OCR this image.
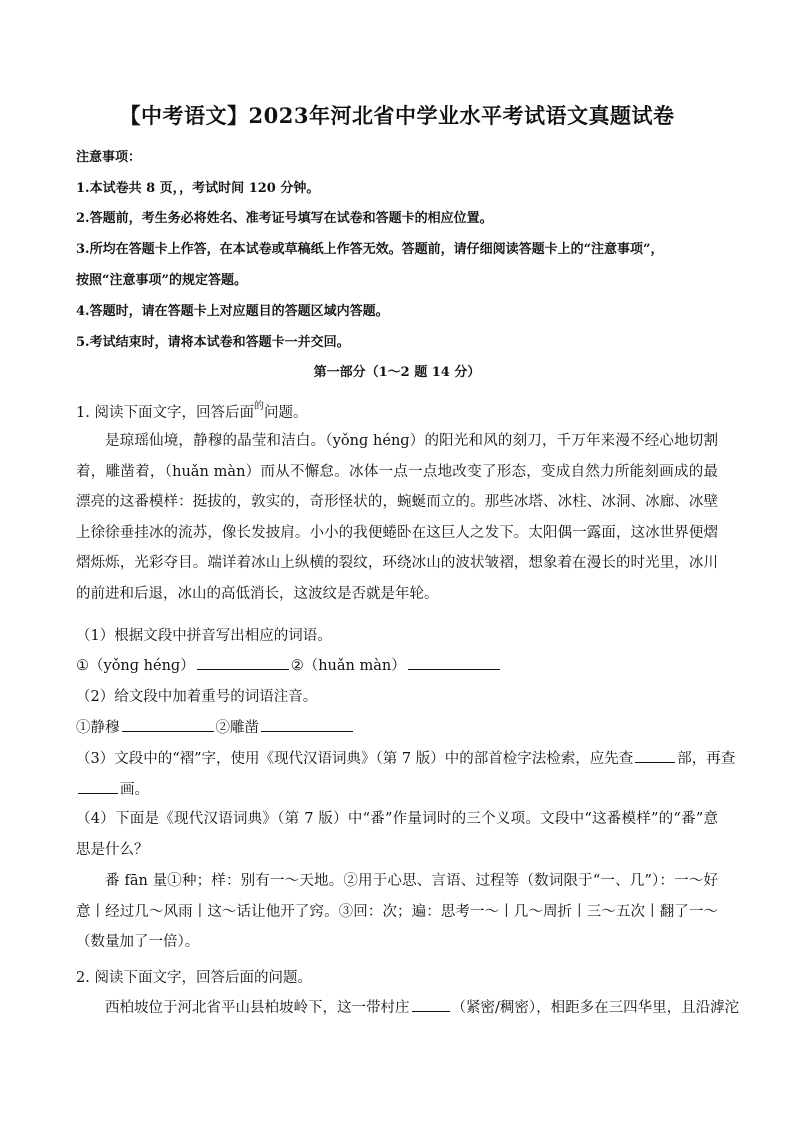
【中考语文】2023年河北省中学业水平考试语文真题试卷
注意事项：
1.本试卷共 8 页，，考试时间 120 分钟。
2.答题前，考生务必将姓名、准考证号填写在试卷和答题卡的相应位置。
3.所均在答题卡上作答，在本试卷或草稿纸上作答无效。答题前，请仔细阅读答题卡上的“注意事项”，
按照“注意事项”的规定答题。
4.答题时，请在答题卡上对应题目的答题区域内答题。
5.考试结束时，请将本试卷和答题卡一并交回。
第一部分（1～2 题 14 分）
1. 阅读下面文字，回答后面$^的$问题。

是琼瑶仙境，静穆的晶莹和洁白。（yǒnɡ hénɡ）的阳光和风的刻刀，千万年来漫不经心地切割着，雕凿着，（huǎn màn）而从不懈怠。冰体一点一点地改变了形态，变成自然力所能刻画成的最漂亮的这番模样：挺拔的，敦实的，奇形怪状的，蜿蜒而立的。那些冰塔、冰柱、冰洞、冰廊、冰壁上徐徐垂挂冰的流苏，像长发披肩。小小的我便蜷卧在这巨人之发下。太阳偶一露面，这冰世界便熠熠烁烁，光彩夺目。端详着冰山上纵横的裂纹，环绕冰山的波状皱褶，想象着在漫长的时光里，冰川的前进和后退，冰山的高低消长，这波纹是否就是年轮。

（1）根据文段中拼音写出相应的词语。
①（yǒnɡ hénɡ）	②（huǎn màn）
（2）给文段中加着重号的词语注音。
①静穆	②雕凿
（3）文段中的“褶”字，使用《现代汉语词典》（第 7 版）中的部首检字法检索，应先查	部，再查
画。

（4）下面是《现代汉语词典》（第 7 版）中“番”作量词时的三个义项。文段中“这番模样”的“番”意思是什么？

番 fān 量①种；样：别有一～天地。②用于心思、言语、过程等（数词限于“一、几”）：一～好意丨经过几～风雨丨这～话让他开了窍。③回：次；遍：思考一～丨几～周折丨三～五次丨翻了一～（数量加了一倍）。

2. 阅读下面文字，回答后面的问题。
西柏坡位于河北省平山县柏坡岭下，这一带村庄	（紧密/稠密），相距多在三四华里，且沿滹沱
